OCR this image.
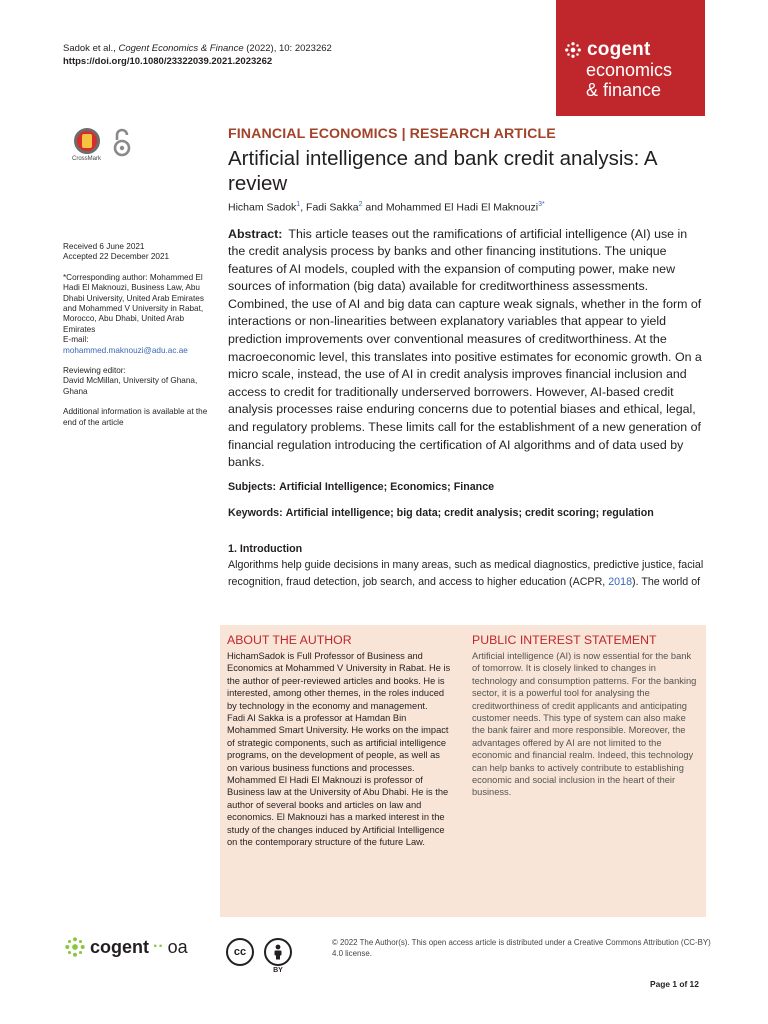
Sadok et al., Cogent Economics & Finance (2022), 10: 2023262
https://doi.org/10.1080/23322039.2021.2023262
cogent
economics
& finance
CrossMark

Received 6 June 2021
Accepted 22 December 2021

*Corresponding author: Mohammed El Hadi El Maknouzi, Business Law, Abu Dhabi University, United Arab Emirates and Mohammed V University in Rabat, Morocco, Abu Dhabi, United Arab Emirates
E-mail: mohammed.maknouzi@adu.ac.ae

Reviewing editor:
David McMillan, University of Ghana, Ghana

Additional information is available at the end of the article

FINANCIAL ECONOMICS | RESEARCH ARTICLE
Artificial intelligence and bank credit analysis: A review
Hicham Sadok$^1$, Fadi Sakka$^2$ and Mohammed El Hadi El Maknouzi$^{3*}$

Abstract: This article teases out the ramifications of artificial intelligence (AI) use in the credit analysis process by banks and other financing institutions. The unique features of AI models, coupled with the expansion of computing power, make new sources of information (big data) available for creditworthiness assessments. Combined, the use of AI and big data can capture weak signals, whether in the form of interactions or non-linearities between explanatory variables that appear to yield prediction improvements over conventional measures of creditworthiness. At the macroeconomic level, this translates into positive estimates for economic growth. On a micro scale, instead, the use of AI in credit analysis improves financial inclusion and access to credit for traditionally underserved borrowers. However, AI-based credit analysis processes raise enduring concerns due to potential biases and ethical, legal, and regulatory problems. These limits call for the establishment of a new generation of financial regulation introducing the certification of AI algorithms and of data used by banks.

Subjects: Artificial Intelligence; Economics; Finance

Keywords: Artificial intelligence; big data; credit analysis; credit scoring; regulation

1. Introduction

Algorithms help guide decisions in many areas, such as medical diagnostics, predictive justice, facial recognition, fraud detection, job search, and access to higher education (ACPR, 2018). The world of

ABOUT THE AUTHOR
HichamSadok is Full Professor of Business and Economics at Mohammed V University in Rabat. He is the author of peer-reviewed articles and books. He is interested, among other themes, in the roles induced by technology in the economy and management.
Fadi Al Sakka is a professor at Hamdan Bin Mohammed Smart University. He works on the impact of strategic components, such as artificial intelligence programs, on the development of people, as well as on various business functions and processes.
Mohammed El Hadi El Maknouzi is professor of Business law at the University of Abu Dhabi. He is the author of several books and articles on law and economics. El Maknouzi has a marked interest in the study of the changes induced by Artificial Intelligence on the contemporary structure of the future Law.
PUBLIC INTEREST STATEMENT
Artificial intelligence (AI) is now essential for the bank of tomorrow. It is closely linked to changes in technology and consumption patterns. For the banking sector, it is a powerful tool for analysing the creditworthiness of credit applicants and anticipating customer needs. This type of system can also make the bank fairer and more responsible. Moreover, the advantages offered by AI are not limited to the economic and financial realm. Indeed, this technology can help banks to actively contribute to establishing economic and social inclusion in the heart of their business.
cogent ·· oa	cc
BY
© 2022 The Author(s). This open access article is distributed under a Creative Commons Attribution (CC-BY) 4.0 license.
Page 1 of 12
